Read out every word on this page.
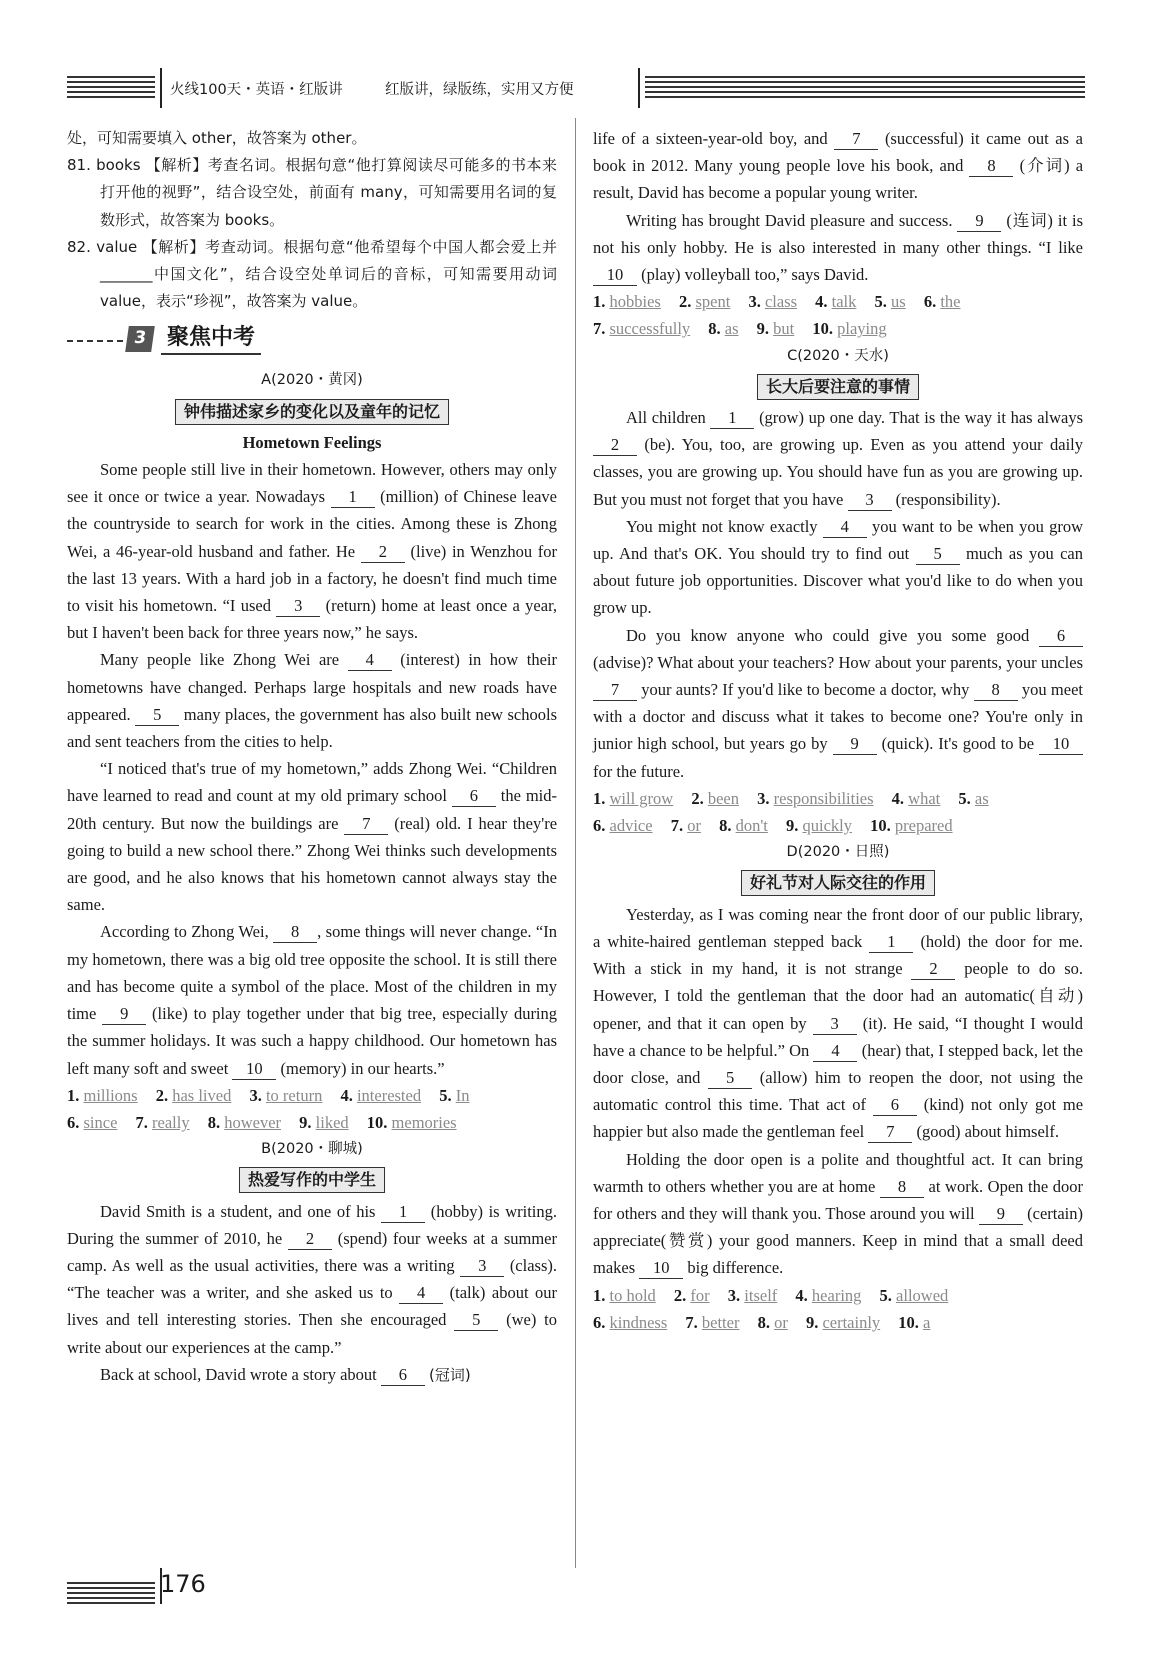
火线100天・英语・红版讲	红版讲，绿版练，实用又方便

处，可知需要填入 other，故答案为 other。

81. books 【解析】考查名词。根据句意“他打算阅读尽可能多的书本来打开他的视野”，结合设空处，前面有 many，可知需要用名词的复数形式，故答案为 books。

82. value 【解析】考查动词。根据句意“他希望每个中国人都会爱上并_______中国文化”，结合设空处单词后的音标，可知需要用动词 value，表示“珍视”，故答案为 value。

3 聚焦中考
A(2020・黄冈)
钟伟描述家乡的变化以及童年的记忆
Hometown Feelings

Some people still live in their hometown. However, others may only see it once or twice a year. Nowadays 1 (million) of Chinese leave the countryside to search for work in the cities. Among these is Zhong Wei, a 46-year-old husband and father. He 2 (live) in Wenzhou for the last 13 years. With a hard job in a factory, he doesn't find much time to visit his hometown. “I used 3 (return) home at least once a year, but I haven't been back for three years now,” he says.

Many people like Zhong Wei are 4 (interest) in how their hometowns have changed. Perhaps large hospitals and new roads have appeared. 5 many places, the government has also built new schools and sent teachers from the cities to help.

“I noticed that's true of my hometown,” adds Zhong Wei. “Children have learned to read and count at my old primary school 6 the mid-20th century. But now the buildings are 7 (real) old. I hear they're going to build a new school there.” Zhong Wei thinks such developments are good, and he also knows that his hometown cannot always stay the same.

According to Zhong Wei, 8 , some things will never change. “In my hometown, there was a big old tree opposite the school. It is still there and has become quite a symbol of the place. Most of the children in my time 9 (like) to play together under that big tree, especially during the summer holidays. It was such a happy childhood. Our hometown has left many soft and sweet 10 (memory) in our hearts.”

1. millions 2. has lived 3. to return 4. interested 5. In
6. since 7. really 8. however 9. liked 10. memories
B(2020・聊城)
热爱写作的中学生

David Smith is a student, and one of his 1 (hobby) is writing. During the summer of 2010, he 2 (spend) four weeks at a summer camp. As well as the usual activities, there was a writing 3 (class). “The teacher was a writer, and she asked us to 4 (talk) about our lives and tell interesting stories. Then she encouraged 5 (we) to write about our experiences at the camp.”

Back at school, David wrote a story about 6 (冠词)

life of a sixteen-year-old boy, and 7 (successful) it came out as a book in 2012. Many young people love his book, and 8 (介词) a result, David has become a popular young writer.

Writing has brought David pleasure and success. 9 (连词) it is not his only hobby. He is also interested in many other things. “I like 10 (play) volleyball too,” says David.

1. hobbies 2. spent 3. class 4. talk 5. us 6. the
7. successfully 8. as 9. but 10. playing
C(2020・天水)
长大后要注意的事情

All children 1 (grow) up one day. That is the way it has always 2 (be). You, too, are growing up. Even as you attend your daily classes, you are growing up. You should have fun as you are growing up. But you must not forget that you have 3 (responsibility).

You might not know exactly 4 you want to be when you grow up. And that's OK. You should try to find out 5 much as you can about future job opportunities. Discover what you'd like to do when you grow up.

Do you know anyone who could give you some good 6 (advise)? What about your teachers? How about your parents, your uncles 7 your aunts? If you'd like to become a doctor, why 8 you meet with a doctor and discuss what it takes to become one? You're only in junior high school, but years go by 9 (quick). It's good to be 10 for the future.

1. will grow 2. been 3. responsibilities 4. what 5. as
6. advice 7. or 8. don't 9. quickly 10. prepared
D(2020・日照)
好礼节对人际交往的作用

Yesterday, as I was coming near the front door of our public library, a white-haired gentleman stepped back 1 (hold) the door for me. With a stick in my hand, it is not strange 2 people to do so. However, I told the gentleman that the door had an automatic(自动) opener, and that it can open by 3 (it). He said, “I thought I would have a chance to be helpful.” On 4 (hear) that, I stepped back, let the door close, and 5 (allow) him to reopen the door, not using the automatic control this time. That act of 6 (kind) not only got me happier but also made the gentleman feel 7 (good) about himself.

Holding the door open is a polite and thoughtful act. It can bring warmth to others whether you are at home 8 at work. Open the door for others and they will thank you. Those around you will 9 (certain) appreciate(赞赏) your good manners. Keep in mind that a small deed makes 10 big difference.

1. to hold 2. for 3. itself 4. hearing 5. allowed
6. kindness 7. better 8. or 9. certainly 10. a
176
